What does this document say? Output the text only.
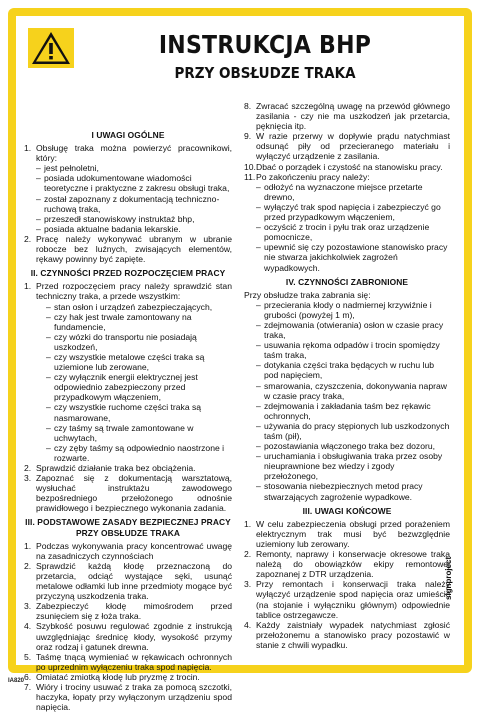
INSTRUKCJA BHP
PRZY OBSŁUDZE TRAKA
I UWAGI OGÓLNE
1. Obsługę traka można powierzyć pracownikowi, który:
– jest pełnoletni,
– posiada udokumentowane wiadomości teoretyczne i praktyczne z zakresu obsługi traka,
– został zapoznany z dokumentacją techniczno-ruchową traka,
– przeszedł stanowiskowy instruktaż bhp,
– posiada aktualne badania lekarskie.
2. Pracę należy wykonywać ubranym w ubranie robocze bez luźnych, zwisających elementów, rękawy powinny być zapięte.
II. CZYNNOŚCI PRZED ROZPOCZĘCIEM PRACY
1. Przed rozpoczęciem pracy należy sprawdzić stan techniczny traka, a przede wszystkim:
– stan osłon i urządzeń zabezpieczających,
– czy hak jest trwale zamontowany na fundamencie,
– czy wózki do transportu nie posiadają uszkodzeń,
– czy wszystkie metalowe części traka są uziemione lub zerowane,
– czy wyłącznik energii elektrycznej jest odpowiednio zabezpieczony przed przypadkowym włączeniem,
– czy wszystkie ruchome części traka są nasmarowane,
– czy taśmy są trwale zamontowane w uchwytach,
– czy zęby taśmy są odpowiednio naostrzone i rozwarte.
2. Sprawdzić działanie traka bez obciążenia.
3. Zapoznać się z dokumentacją warsztatową, wysłuchać instruktażu zawodowego bezpośredniego przełożonego odnośnie prawidłowego i bezpiecznego wykonania zadania.
III. PODSTAWOWE ZASADY BEZPIECZNEJ PRACY PRZY OBSŁUDZE TRAKA
1. Podczas wykonywania pracy koncentrować uwagę na zasadniczych czynnościach
2. Sprawdzić każdą kłodę przeznaczoną do przetarcia, odciąć wystające sęki, usunąć metalowe odłamki lub inne przedmioty mogące być przyczyną uszkodzenia traka.
3. Zabezpieczyć kłodę mimośrodem przed zsunięciem się z łoża traka.
4. Szybkość posuwu regulować zgodnie z instrukcją uwzględniając średnicę kłody, wysokość przymy oraz rodzaj i gatunek drewna.
5. Taśmę tnącą wymieniać w rękawicach ochronnych po uprzednim wyłączeniu traka spod napięcia.
6. Omiatać zmiotką kłodę lub pryzmę z trocin.
7. Wióry i trociny usuwać z traka za pomocą szczotki, haczyka, łopaty przy wyłączonym urządzeniu spod napięcia.
8. Zwracać szczególną uwagę na przewód głównego zasilania - czy nie ma uszkodzeń jak przetarcia, pęknięcia itp.
9. W razie przerwy w dopływie prądu natychmiast odsunąć piły od przecieranego materiału i wyłączyć urządzenie z zasilania.
10. Dbać o porządek i czystość na stanowisku pracy.
11. Po zakończeniu pracy należy:
– odłożyć na wyznaczone miejsce przetarte drewno,
– wyłączyć trak spod napięcia i zabezpieczyć go przed przypadkowym włączeniem,
– oczyścić z trocin i pyłu trak oraz urządzenie pomocnicze,
– upewnić się czy pozostawione stanowisko pracy nie stwarza jakichkolwiek zagrożeń wypadkowych.
IV. CZYNNOŚCI ZABRONIONE
Przy obsłudze traka zabrania się:
– przecierania kłody o nadmiernej krzywiźnie i grubości (powyżej 1 m),
– zdejmowania (otwierania) osłon w czasie pracy traka,
– usuwania rękoma odpadów i trocin spomiędzy taśm traka,
– dotykania części traka będących w ruchu lub pod napięciem,
– smarowania, czyszczenia, dokonywania napraw w czasie pracy traka,
– zdejmowania i zakładania taśm bez rękawic ochronnych,
– używania do pracy stępionych lub uszkodzonych taśm (pił),
– pozostawiania włączonego traka bez dozoru,
– uruchamiania i obsługiwania traka przez osoby nieuprawnione bez wiedzy i zgody przełożonego,
– stosowania niebezpiecznych metod pracy stwarzających zagrożenie wypadkowe.
III. UWAGI KOŃCOWE
1. W celu zabezpieczenia obsługi przed porażeniem elektrycznym trak musi być bezwzględnie uziemiony lub zerowany.
2. Remonty, naprawy i konserwacje okresowe traka należą do obowiązków ekipy remontowej zapoznanej z DTR urządzenia.
3. Przy remontach i konserwacji traka należy wyłączyć urządzenie spod napięcia oraz umieścić (na stojanie i wyłączniku głównym) odpowiednie tablice ostrzegawcze.
4. Każdy zaistniały wypadek natychmiast zgłosić przełożonemu a stanowisko pracy pozostawić w stanie z chwili wypadku.
signproject
IA820
